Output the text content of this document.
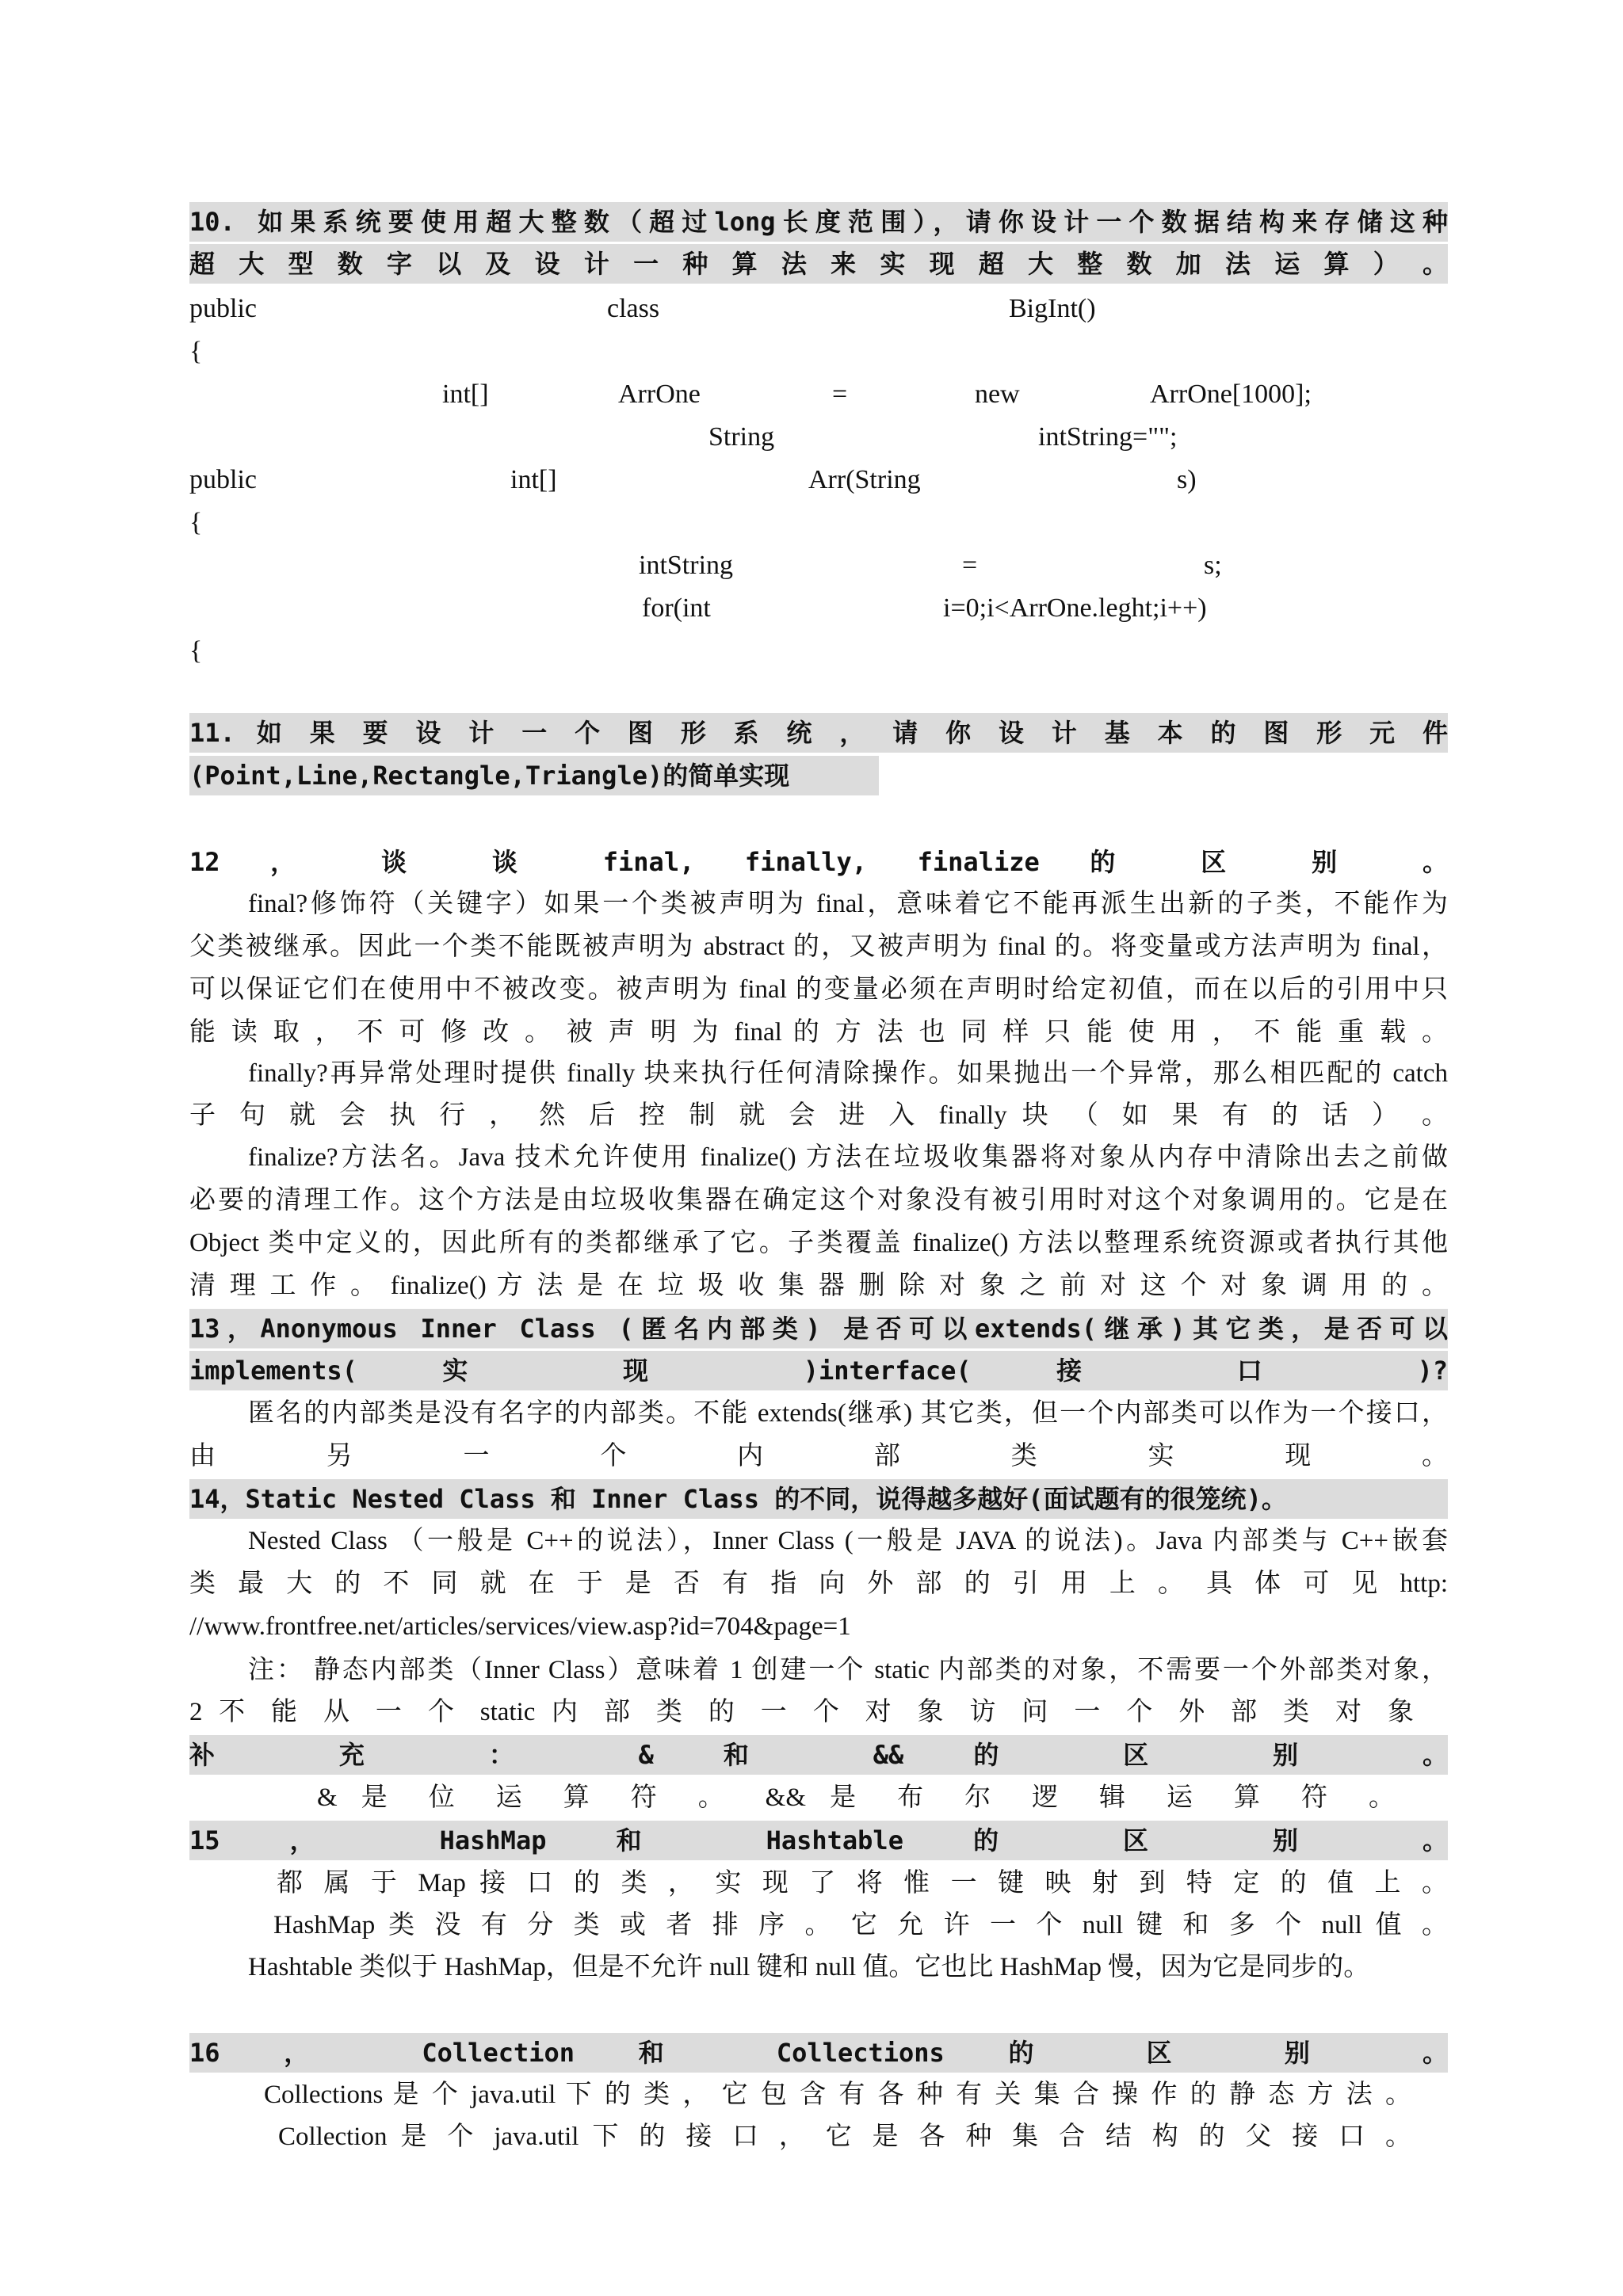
10. 如果系统要使用超大整数（超过long长度范围），请你设计一个数据结构来存储这种
超 大 型 数 字 以 及 设 计 一 种 算 法 来 实 现 超 大 整 数 加 法 运 算 ） 。
public	class	BigInt()
{
int[]	ArrOne	=	new	ArrOne[1000];
String	intString="";
public	int[]	Arr(String	s)
{
intString	=	s;
for(int	i=0;i<ArrOne.leght;i++)
{
11. 如 果 要 设 计 一 个 图 形 系 统 ， 请 你 设 计 基 本 的 图 形 元 件
(Point,Line,Rectangle,Triangle)的简单实现
12 ， 谈 谈 final, finally, finalize 的 区 别 。
final?修饰符（关键字）如果一个类被声明为 final，意味着它不能再派生出新的子类，不能作为
父类被继承。因此一个类不能既被声明为 abstract 的，又被声明为 final 的。将变量或方法声明为 final，
可以保证它们在使用中不被改变。被声明为 final 的变量必须在声明时给定初值，而在以后的引用中只
能 读 取 ， 不 可 修 改 。 被 声 明 为 final 的 方 法 也 同 样 只 能 使 用 ， 不 能 重 载 。
finally?再异常处理时提供 finally 块来执行任何清除操作。如果抛出一个异常，那么相匹配的 catch
子 句 就 会 执 行 ， 然 后 控 制 就 会 进 入 finally 块 （ 如 果 有 的 话 ） 。
finalize?方法名。Java 技术允许使用 finalize() 方法在垃圾收集器将对象从内存中清除出去之前做
必要的清理工作。这个方法是由垃圾收集器在确定这个对象没有被引用时对这个对象调用的。它是在
Object 类中定义的，因此所有的类都继承了它。子类覆盖 finalize() 方法以整理系统资源或者执行其他
清 理 工 作 。 finalize() 方 法 是 在 垃 圾 收 集 器 删 除 对 象 之 前 对 这 个 对 象 调 用 的 。
13，Anonymous Inner Class (匿名内部类) 是否可以extends(继承)其它类，是否可以
implements( 实 现 )interface( 接 口 )?
匿名的内部类是没有名字的内部类。不能 extends(继承) 其它类，但一个内部类可以作为一个接口，
由 另 一 个 内 部 类 实 现 。
14，Static Nested Class 和 Inner Class 的不同，说得越多越好(面试题有的很笼统)。
Nested Class （一般是 C++的说法），Inner Class (一般是 JAVA 的说法)。Java 内部类与 C++嵌套
类 最 大 的 不 同 就 在 于 是 否 有 指 向 外 部 的 引 用 上 。 具 体 可 见 http:
//www.frontfree.net/articles/services/view.asp?id=704&page=1
注： 静态内部类（Inner Class）意味着 1 创建一个 static 内部类的对象，不需要一个外部类对象，
2 不 能 从 一 个 static 内 部 类 的 一 个 对 象 访 问 一 个 外 部 类 对 象
补 充 ： & 和 && 的 区 别 。
& 是 位 运 算 符 。 && 是 布 尔 逻 辑 运 算 符 。
15 ， HashMap 和 Hashtable 的 区 别 。
都 属 于 Map 接 口 的 类 ， 实 现 了 将 惟 一 键 映 射 到 特 定 的 值 上 。
HashMap 类 没 有 分 类 或 者 排 序 。 它 允 许 一 个 null 键 和 多 个 null 值 。
Hashtable 类似于 HashMap，但是不允许 null 键和 null 值。它也比 HashMap 慢，因为它是同步的。
16 ， Collection 和 Collections 的 区 别 。
Collections 是 个 java.util 下 的 类 ， 它 包 含 有 各 种 有 关 集 合 操 作 的 静 态 方 法 。
Collection 是 个 java.util 下 的 接 口 ， 它 是 各 种 集 合 结 构 的 父 接 口 。
